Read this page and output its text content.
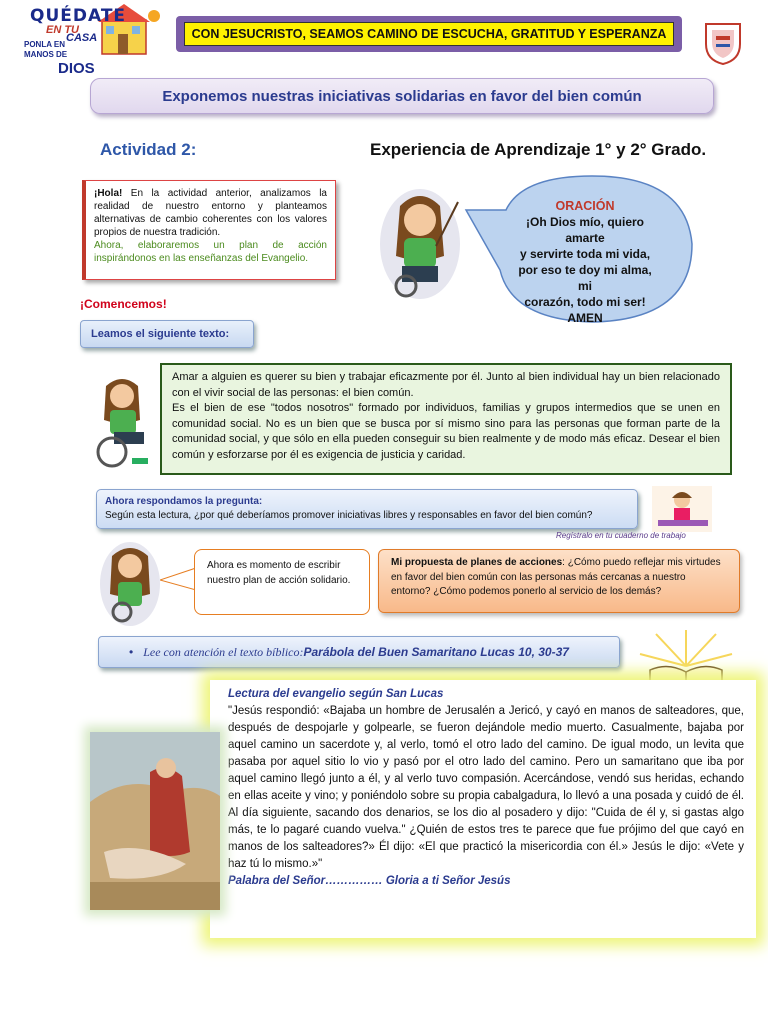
QUÉDATE
EN TU
CASA
PONLA EN
MANOS DE
DIOS
CON JESUCRISTO, SEAMOS CAMINO DE ESCUCHA, GRATITUD Y ESPERANZA
Exponemos nuestras iniciativas solidarias en favor del bien común
Actividad 2:	Experiencia de Aprendizaje 1° y 2° Grado.
¡Hola! En la actividad anterior, analizamos la realidad de nuestro entorno y planteamos alternativas de cambio coherentes con los valores propios de nuestra tradición.
Ahora, elaboraremos un plan de acción inspirándonos en las enseñanzas del Evangelio.
ORACIÓN
¡Oh Dios mío, quiero amarte
y servirte toda mi vida,
por eso te doy mi alma, mi
corazón, todo mi ser!
AMEN
¡Comencemos!
Leamos el siguiente texto:
Amar a alguien es querer su bien y trabajar eficazmente por él. Junto al bien individual hay un bien relacionado con el vivir social de las personas: el bien común.
Es el bien de ese "todos nosotros" formado por individuos, familias y grupos intermedios que se unen en comunidad social. No es un bien que se busca por sí mismo sino para las personas que forman parte de la comunidad social, y que sólo en ella pueden conseguir su bien realmente y de modo más eficaz. Desear el bien común y esforzarse por él es exigencia de justicia y caridad.
Ahora respondamos la pregunta:
Según esta lectura, ¿por qué deberíamos promover iniciativas libres y responsables en favor del bien común?
Regístralo en tu cuaderno de trabajo
Ahora es momento de escribir nuestro plan de acción solidario.
Mi propuesta de planes de acciones: ¿Cómo puedo reflejar mis virtudes en favor del bien común con las personas más cercanas a nuestro entorno? ¿Cómo podemos ponerlo al servicio de los demás?
• Lee con atención el texto bíblico: Parábola del Buen Samaritano Lucas 10, 30-37
Lectura del evangelio según San Lucas
"Jesús respondió: «Bajaba un hombre de Jerusalén a Jericó, y cayó en manos de salteadores, que, después de despojarle y golpearle, se fueron dejándole medio muerto. Casualmente, bajaba por aquel camino un sacerdote y, al verlo, tomó el otro lado del camino. De igual modo, un levita que pasaba por aquel sitio lo vio y pasó por el otro lado del camino. Pero un samaritano que iba por aquel camino llegó junto a él, y al verlo tuvo compasión. Acercándose, vendó sus heridas, echando en ellas aceite y vino; y poniéndolo sobre su propia cabalgadura, lo llevó a una posada y cuidó de él. Al día siguiente, sacando dos denarios, se los dio al posadero y dijo: "Cuida de él y, si gastas algo más, te lo pagaré cuando vuelva." ¿Quién de estos tres te parece que fue prójimo del que cayó en manos de los salteadores?» Él dijo: «El que practicó la misericordia con él.» Jesús le dijo: «Vete y haz tú lo mismo.»"
Palabra del Señor…………… Gloria a ti Señor Jesús
